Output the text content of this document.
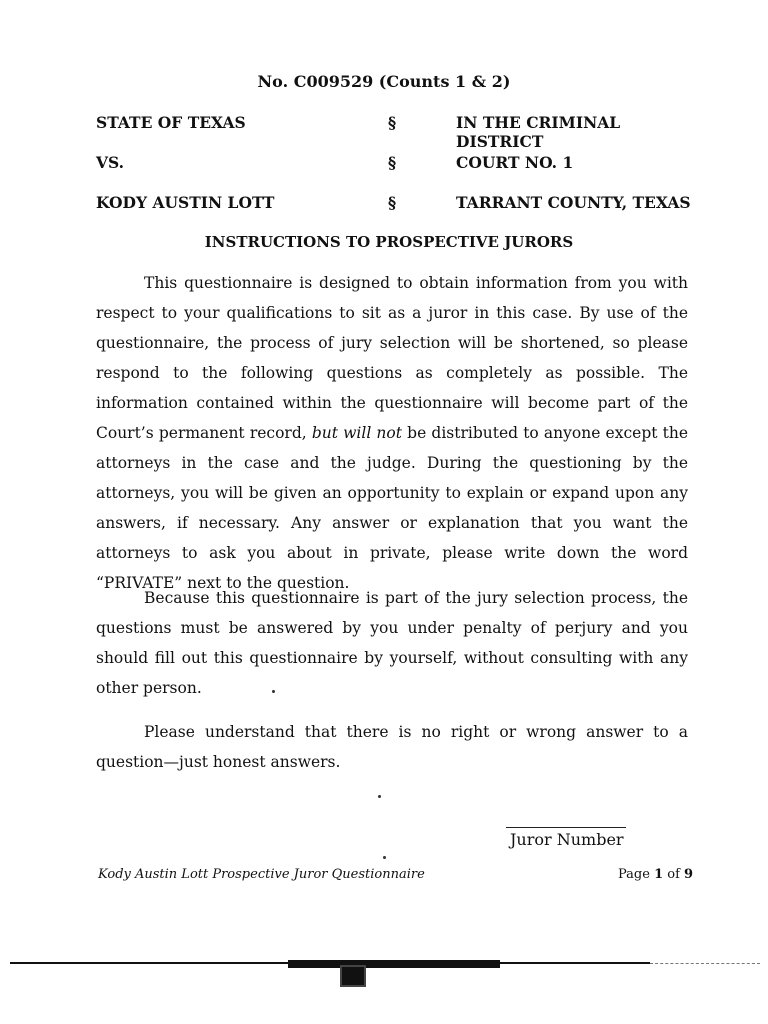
No. C009529 (Counts 1 & 2)
STATE OF TEXAS	§	IN THE CRIMINAL DISTRICT
VS.	§	COURT NO. 1
KODY AUSTIN LOTT	§	TARRANT COUNTY, TEXAS
INSTRUCTIONS TO PROSPECTIVE JURORS

This questionnaire is designed to obtain information from you with respect to your qualifications to sit as a juror in this case. By use of the questionnaire, the process of jury selection will be shortened, so please respond to the following questions as completely as possible. The information contained within the questionnaire will become part of the Court’s permanent record, but will not be distributed to anyone except the attorneys in the case and the judge. During the questioning by the attorneys, you will be given an opportunity to explain or expand upon any answers, if necessary. Any answer or explanation that you want the attorneys to ask you about in private, please write down the word “PRIVATE” next to the question.

Because this questionnaire is part of the jury selection process, the questions must be answered by you under penalty of perjury and you should fill out this questionnaire by yourself, without consulting with any other person.

Please understand that there is no right or wrong answer to a question—just honest answers.

Juror Number
Kody Austin Lott Prospective Juror Questionnaire	Page 1 of 9
